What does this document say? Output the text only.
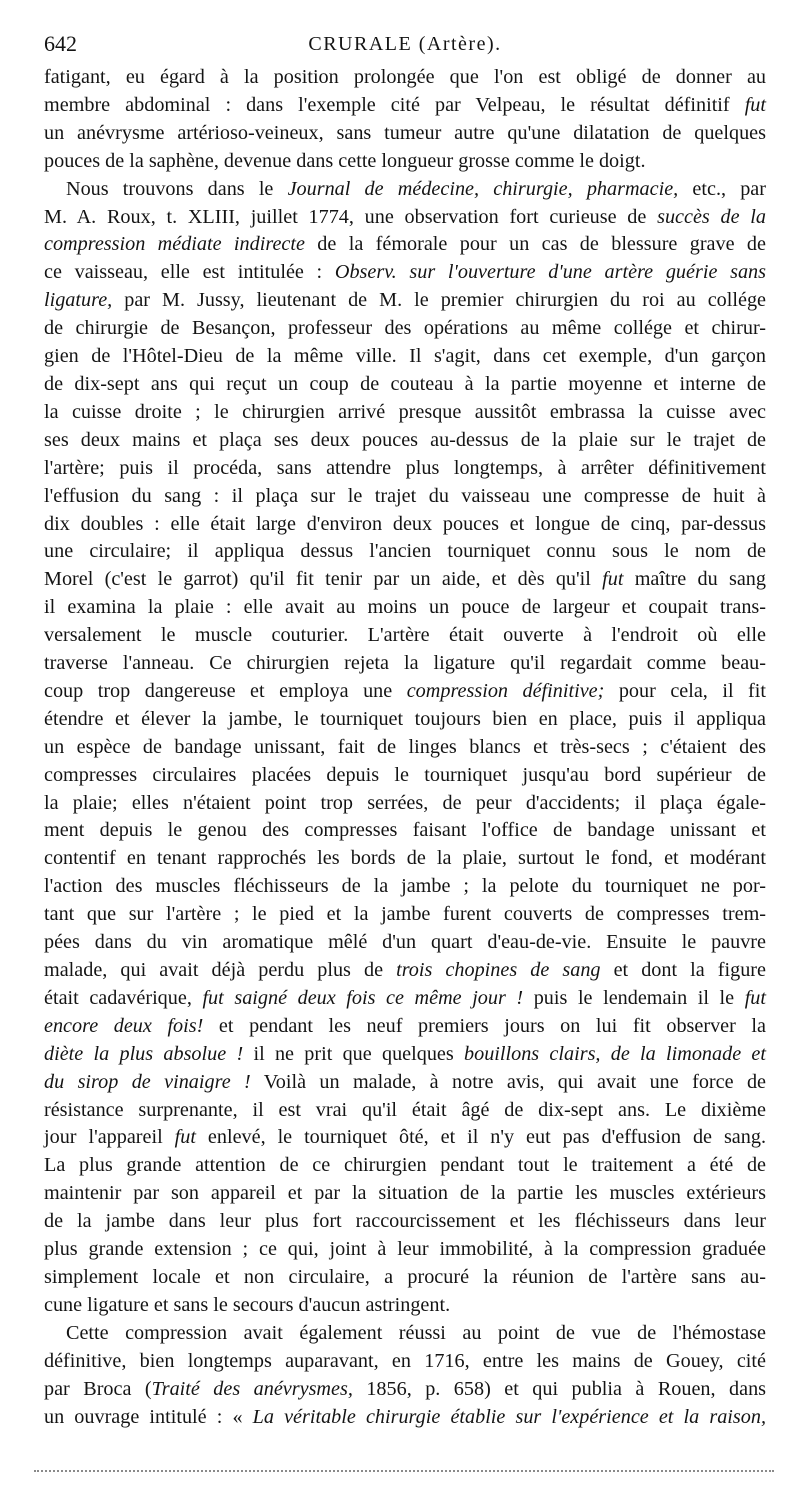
642	CRURALE (Artère).
fatigant, eu égard à la position prolongée que l'on est obligé de donner au
membre abdominal : dans l'exemple cité par Velpeau, le résultat définitif fut
un anévrysme artérioso-veineux, sans tumeur autre qu'une dilatation de quelques
pouces de la saphène, devenue dans cette longueur grosse comme le doigt.
Nous trouvons dans le Journal de médecine, chirurgie, pharmacie, etc., par
M. A. Roux, t. XLIII, juillet 1774, une observation fort curieuse de succès de la
compression médiate indirecte de la fémorale pour un cas de blessure grave de
ce vaisseau, elle est intitulée : Observ. sur l'ouverture d'une artère guérie sans
ligature, par M. Jussy, lieutenant de M. le premier chirurgien du roi au collége
de chirurgie de Besançon, professeur des opérations au même collége et chirur-
gien de l'Hôtel-Dieu de la même ville. Il s'agit, dans cet exemple, d'un garçon
de dix-sept ans qui reçut un coup de couteau à la partie moyenne et interne de
la cuisse droite ; le chirurgien arrivé presque aussitôt embrassa la cuisse avec
ses deux mains et plaça ses deux pouces au-dessus de la plaie sur le trajet de
l'artère; puis il procéda, sans attendre plus longtemps, à arrêter définitivement
l'effusion du sang : il plaça sur le trajet du vaisseau une compresse de huit à
dix doubles : elle était large d'environ deux pouces et longue de cinq, par-dessus
une circulaire; il appliqua dessus l'ancien tourniquet connu sous le nom de
Morel (c'est le garrot) qu'il fit tenir par un aide, et dès qu'il fut maître du sang
il examina la plaie : elle avait au moins un pouce de largeur et coupait trans-
versalement le muscle couturier. L'artère était ouverte à l'endroit où elle
traverse l'anneau. Ce chirurgien rejeta la ligature qu'il regardait comme beau-
coup trop dangereuse et employa une compression définitive; pour cela, il fit
étendre et élever la jambe, le tourniquet toujours bien en place, puis il appliqua
un espèce de bandage unissant, fait de linges blancs et très-secs ; c'étaient des
compresses circulaires placées depuis le tourniquet jusqu'au bord supérieur de
la plaie; elles n'étaient point trop serrées, de peur d'accidents; il plaça égale-
ment depuis le genou des compresses faisant l'office de bandage unissant et
contentif en tenant rapprochés les bords de la plaie, surtout le fond, et modérant
l'action des muscles fléchisseurs de la jambe ; la pelote du tourniquet ne por-
tant que sur l'artère ; le pied et la jambe furent couverts de compresses trem-
pées dans du vin aromatique mêlé d'un quart d'eau-de-vie. Ensuite le pauvre
malade, qui avait déjà perdu plus de trois chopines de sang et dont la figure
était cadavérique, fut saigné deux fois ce même jour ! puis le lendemain il le fut
encore deux fois! et pendant les neuf premiers jours on lui fit observer la
diète la plus absolue ! il ne prit que quelques bouillons clairs, de la limonade et
du sirop de vinaigre ! Voilà un malade, à notre avis, qui avait une force de
résistance surprenante, il est vrai qu'il était âgé de dix-sept ans. Le dixième
jour l'appareil fut enlevé, le tourniquet ôté, et il n'y eut pas d'effusion de sang.
La plus grande attention de ce chirurgien pendant tout le traitement a été de
maintenir par son appareil et par la situation de la partie les muscles extérieurs
de la jambe dans leur plus fort raccourcissement et les fléchisseurs dans leur
plus grande extension ; ce qui, joint à leur immobilité, à la compression graduée
simplement locale et non circulaire, a procuré la réunion de l'artère sans au-
cune ligature et sans le secours d'aucun astringent.
Cette compression avait également réussi au point de vue de l'hémostase
définitive, bien longtemps auparavant, en 1716, entre les mains de Gouey, cité
par Broca (Traité des anévrysmes, 1856, p. 658) et qui publia à Rouen, dans
un ouvrage intitulé : « La véritable chirurgie établie sur l'expérience et la raison,
